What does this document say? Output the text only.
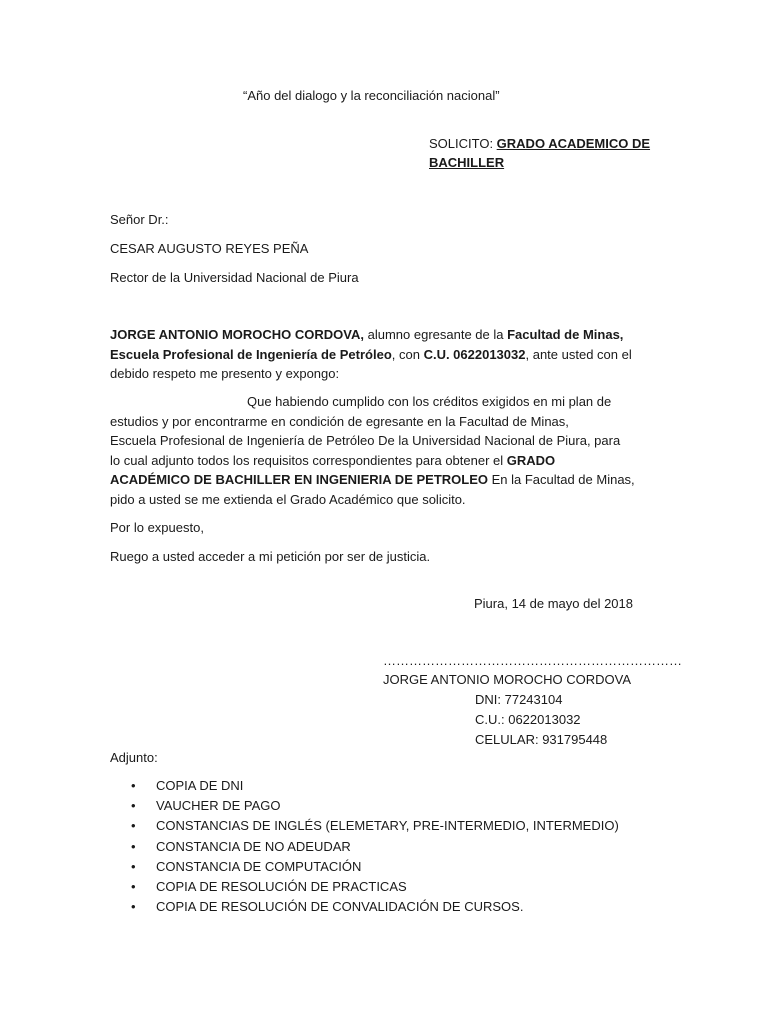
“Año del dialogo y la reconciliación nacional”
SOLICITO: GRADO ACADEMICO DE
BACHILLER
Señor Dr.:
CESAR AUGUSTO REYES PEÑA
Rector de la Universidad Nacional de Piura
JORGE ANTONIO MOROCHO CORDOVA, alumno egresante de la Facultad de Minas,
Escuela Profesional de Ingeniería de Petróleo, con C.U. 0622013032, ante usted con el
debido respeto me presento y expongo:
Que habiendo cumplido con los créditos exigidos en mi plan de
estudios y por encontrarme en condición de egresante en la Facultad de Minas,
Escuela Profesional de Ingeniería de Petróleo De la Universidad Nacional de Piura, para
lo cual adjunto todos los requisitos correspondientes para obtener el GRADO
ACADÉMICO DE BACHILLER EN INGENIERIA DE PETROLEO En la Facultad de Minas,
pido a usted se me extienda el Grado Académico que solicito.
Por lo expuesto,
Ruego a usted acceder a mi petición por ser de justicia.
Piura, 14 de mayo del 2018
……………………………………………………………
JORGE ANTONIO MOROCHO CORDOVA
DNI: 77243104
C.U.: 0622013032
CELULAR: 931795448
Adjunto:
• COPIA DE DNI
• VAUCHER DE PAGO
• CONSTANCIAS DE INGLÉS (ELEMETARY, PRE-INTERMEDIO, INTERMEDIO)
• CONSTANCIA DE NO ADEUDAR
• CONSTANCIA DE COMPUTACIÓN
• COPIA DE RESOLUCIÓN DE PRACTICAS
• COPIA DE RESOLUCIÓN DE CONVALIDACIÓN DE CURSOS.
